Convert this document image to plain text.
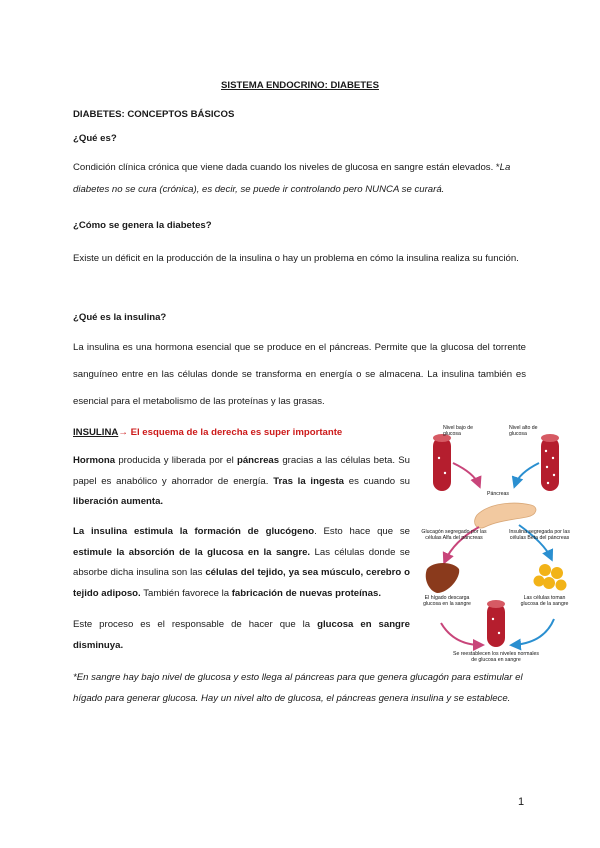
SISTEMA ENDOCRINO: DIABETES

DIABETES: CONCEPTOS BÁSICOS

¿Qué es?

Condición clínica crónica que viene dada cuando los niveles de glucosa en sangre están elevados. *La diabetes no se cura (crónica), es decir, se puede ir controlando pero NUNCA se curará.

¿Cómo se genera la diabetes?

Existe un déficit en la producción de la insulina o hay un problema en cómo la insulina realiza su función.

¿Qué es la insulina?

La insulina es una hormona esencial que se produce en el páncreas. Permite que la glucosa del torrente sanguíneo entre en las células donde se transforma en energía o se almacena. La insulina también es esencial para el metabolismo de las proteínas y las grasas.

INSULINA→ El esquema de la derecha es super importante

Hormona producida y liberada por el páncreas gracias a las células beta. Su papel es anabólico y ahorrador de energía. Tras la ingesta es cuando su liberación aumenta.

La insulina estimula la formación de glucógeno. Esto hace que se estimule la absorción de la glucosa en la sangre. Las células donde se absorbe dicha insulina son las células del tejido, ya sea músculo, cerebro o tejido adiposo. También favorece la fabricación de nuevas proteínas.

Este proceso es el responsable de hacer que la glucosa en sangre disminuya.

*En sangre hay bajo nivel de glucosa y esto llega al páncreas para que genera glucagón para estimular el hígado para generar glucosa. Hay un nivel alto de glucosa, el páncreas genera insulina y se establece.

Nivel bajo de glucosa
Nivel alto de glucosa
Páncreas
Glucagón segregado por las células Alfa del páncreas
Insulina segregada por las células Beta del páncreas
El hígado descarga glucosa en la sangre
Las células toman glucosa de la sangre
Se reestablecen los niveles normales de glucosa en sangre
1
